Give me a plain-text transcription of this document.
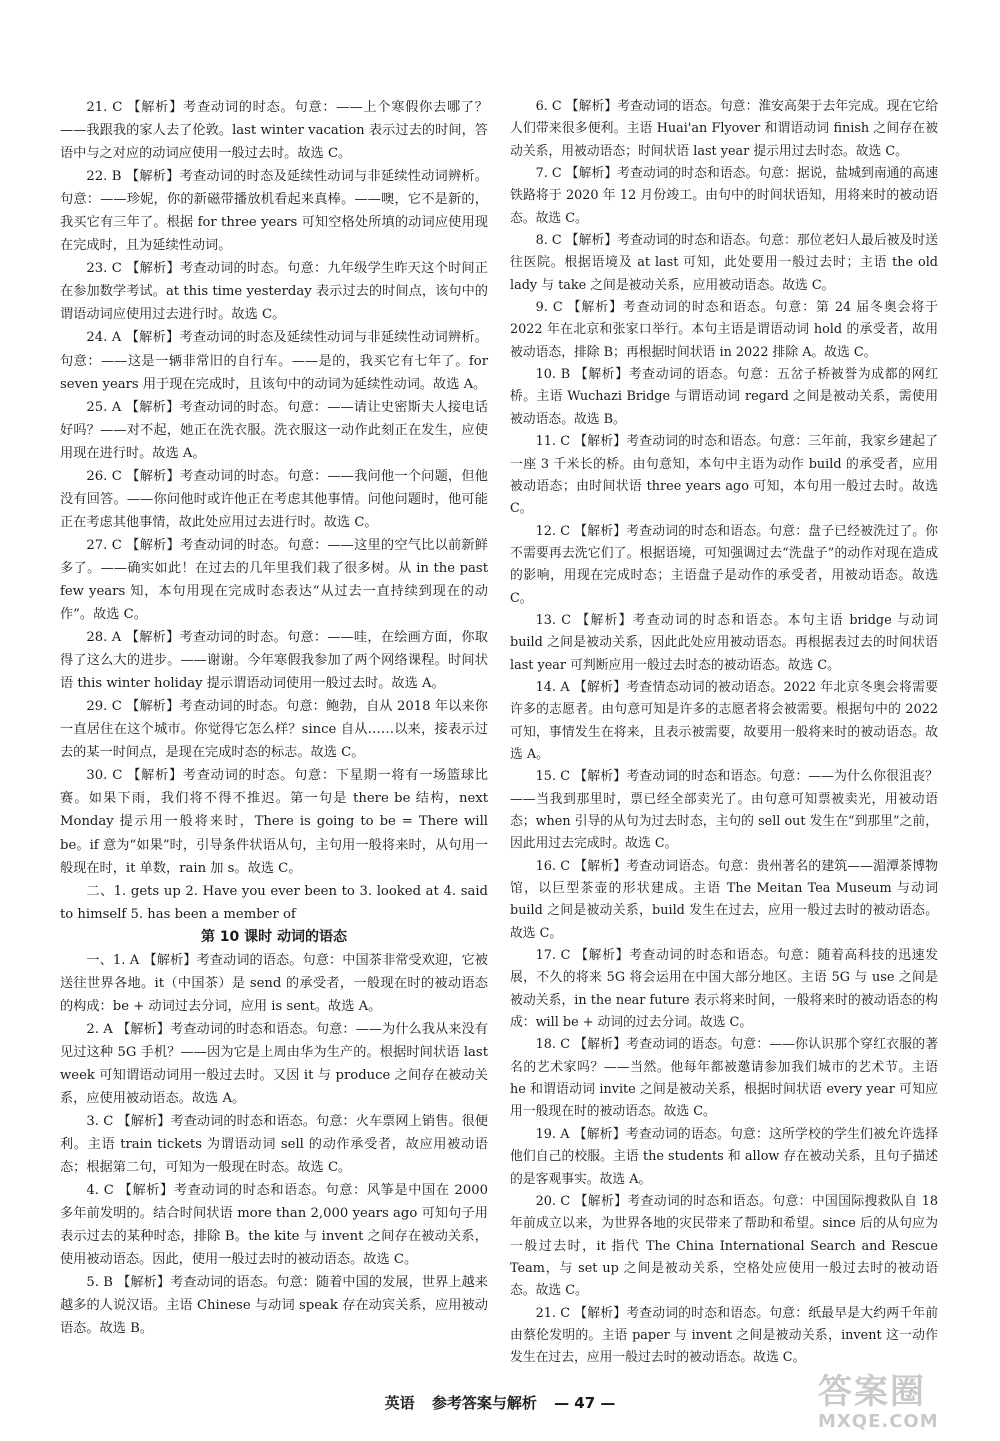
21. C 【解析】考查动词的时态。句意：——上个寒假你去哪了？——我跟我的家人去了伦敦。last winter vacation 表示过去的时间，答语中与之对应的动词应使用一般过去时。故选 C。

22. B 【解析】考查动词的时态及延续性动词与非延续性动词辨析。句意：——珍妮，你的新磁带播放机看起来真棒。——噢，它不是新的，我买它有三年了。根据 for three years 可知空格处所填的动词应使用现在完成时，且为延续性动词。

23. C 【解析】考查动词的时态。句意：九年级学生昨天这个时间正在参加数学考试。at this time yesterday 表示过去的时间点，该句中的谓语动词应使用过去进行时。故选 C。

24. A 【解析】考查动词的时态及延续性动词与非延续性动词辨析。句意：——这是一辆非常旧的自行车。——是的，我买它有七年了。for seven years 用于现在完成时，且该句中的动词为延续性动词。故选 A。

25. A 【解析】考查动词的时态。句意：——请让史密斯夫人接电话好吗？——对不起，她正在洗衣服。洗衣服这一动作此刻正在发生，应使用现在进行时。故选 A。

26. C 【解析】考查动词的时态。句意：——我问他一个问题，但他没有回答。——你问他时或许他正在考虑其他事情。问他问题时，他可能正在考虑其他事情，故此处应用过去进行时。故选 C。

27. C 【解析】考查动词的时态。句意：——这里的空气比以前新鲜多了。——确实如此！在过去的几年里我们栽了很多树。从 in the past few years 知，本句用现在完成时态表达“从过去一直持续到现在的动作”。故选 C。

28. A 【解析】考查动词的时态。句意：——哇，在绘画方面，你取得了这么大的进步。——谢谢。今年寒假我参加了两个网络课程。时间状语 this winter holiday 提示谓语动词使用一般过去时。故选 A。

29. C 【解析】考查动词的时态。句意：鲍勃，自从 2018 年以来你一直居住在这个城市。你觉得它怎么样？since 自从……以来，接表示过去的某一时间点，是现在完成时态的标志。故选 C。

30. C 【解析】考查动词的时态。句意：下星期一将有一场篮球比赛。如果下雨，我们将不得不推迟。第一句是 there be 结构，next Monday 提示用一般将来时，There is going to be = There will be。if 意为“如果”时，引导条件状语从句，主句用一般将来时，从句用一般现在时，it 单数，rain 加 s。故选 C。

二、1. gets up 2. Have you ever been to 3. looked at 4. said to himself 5. has been a member of

第 10 课时 动词的语态

一、1. A 【解析】考查动词的语态。句意：中国茶非常受欢迎，它被送往世界各地。it（中国茶）是 send 的承受者，一般现在时的被动语态的构成：be + 动词过去分词，应用 is sent。故选 A。

2. A 【解析】考查动词的时态和语态。句意：——为什么我从来没有见过这种 5G 手机？——因为它是上周由华为生产的。根据时间状语 last week 可知谓语动词用一般过去时。又因 it 与 produce 之间存在被动关系，应使用被动语态。故选 A。

3. C 【解析】考查动词的时态和语态。句意：火车票网上销售。很便利。主语 train tickets 为谓语动词 sell 的动作承受者，故应用被动语态；根据第二句，可知为一般现在时态。故选 C。

4. C 【解析】考查动词的时态和语态。句意：风筝是中国在 2000 多年前发明的。结合时间状语 more than 2,000 years ago 可知句子用表示过去的某种时态，排除 B。the kite 与 invent 之间存在被动关系，使用被动语态。因此，使用一般过去时的被动语态。故选 C。

5. B 【解析】考查动词的语态。句意：随着中国的发展，世界上越来越多的人说汉语。主语 Chinese 与动词 speak 存在动宾关系，应用被动语态。故选 B。

6. C 【解析】考查动词的语态。句意：淮安高架于去年完成。现在它给人们带来很多便利。主语 Huai'an Flyover 和谓语动词 finish 之间存在被动关系，用被动语态；时间状语 last year 提示用过去时态。故选 C。

7. C 【解析】考查动词的时态和语态。句意：据说，盐城到南通的高速铁路将于 2020 年 12 月份竣工。由句中的时间状语知，用将来时的被动语态。故选 C。

8. C 【解析】考查动词的时态和语态。句意：那位老妇人最后被及时送往医院。根据语境及 at last 可知，此处要用一般过去时；主语 the old lady 与 take 之间是被动关系，应用被动语态。故选 C。

9. C 【解析】考查动词的时态和语态。句意：第 24 届冬奥会将于 2022 年在北京和张家口举行。本句主语是谓语动词 hold 的承受者，故用被动语态，排除 B；再根据时间状语 in 2022 排除 A。故选 C。

10. B 【解析】考查动词的语态。句意：五岔子桥被誉为成都的网红桥。主语 Wuchazi Bridge 与谓语动词 regard 之间是被动关系，需使用被动语态。故选 B。

11. C 【解析】考查动词的时态和语态。句意：三年前，我家乡建起了一座 3 千米长的桥。由句意知，本句中主语为动作 build 的承受者，应用被动语态；由时间状语 three years ago 可知，本句用一般过去时。故选 C。

12. C 【解析】考查动词的时态和语态。句意：盘子已经被洗过了。你不需要再去洗它们了。根据语境，可知强调过去“洗盘子”的动作对现在造成的影响，用现在完成时态；主语盘子是动作的承受者，用被动语态。故选 C。

13. C 【解析】考查动词的时态和语态。本句主语 bridge 与动词 build 之间是被动关系，因此此处应用被动语态。再根据表过去的时间状语 last year 可判断应用一般过去时态的被动语态。故选 C。

14. A 【解析】考查情态动词的被动语态。2022 年北京冬奥会将需要许多的志愿者。由句意可知是许多的志愿者将会被需要。根据句中的 2022 可知，事情发生在将来，且表示被需要，故要用一般将来时的被动语态。故选 A。

15. C 【解析】考查动词的时态和语态。句意：——为什么你很沮丧？——当我到那里时，票已经全部卖光了。由句意可知票被卖光，用被动语态；when 引导的从句为过去时态，主句的 sell out 发生在“到那里”之前，因此用过去完成时。故选 C。

16. C 【解析】考查动词语态。句意：贵州著名的建筑——湄潭茶博物馆，以巨型茶壶的形状建成。主语 The Meitan Tea Museum 与动词 build 之间是被动关系，build 发生在过去，应用一般过去时的被动语态。故选 C。

17. C 【解析】考查动词的时态和语态。句意：随着高科技的迅速发展，不久的将来 5G 将会运用在中国大部分地区。主语 5G 与 use 之间是被动关系，in the near future 表示将来时间，一般将来时的被动语态的构成：will be + 动词的过去分词。故选 C。

18. C 【解析】考查动词的语态。句意：——你认识那个穿红衣服的著名的艺术家吗？——当然。他每年都被邀请参加我们城市的艺术节。主语 he 和谓语动词 invite 之间是被动关系，根据时间状语 every year 可知应用一般现在时的被动语态。故选 C。

19. A 【解析】考查动词的语态。句意：这所学校的学生们被允许选择他们自己的校服。主语 the students 和 allow 存在被动关系，且句子描述的是客观事实。故选 A。

20. C 【解析】考查动词的时态和语态。句意：中国国际搜救队自 18 年前成立以来，为世界各地的灾民带来了帮助和希望。since 后的从句应为一般过去时，it 指代 The China International Search and Rescue Team，与 set up 之间是被动关系，空格处应使用一般过去时的被动语态。故选 C。

21. C 【解析】考查动词的时态和语态。句意：纸最早是大约两千年前由蔡伦发明的。主语 paper 与 invent 之间是被动关系，invent 这一动作发生在过去，应用一般过去时的被动语态。故选 C。

英语 参考答案与解析 — 47 —	答案圈
MXQE.COM
